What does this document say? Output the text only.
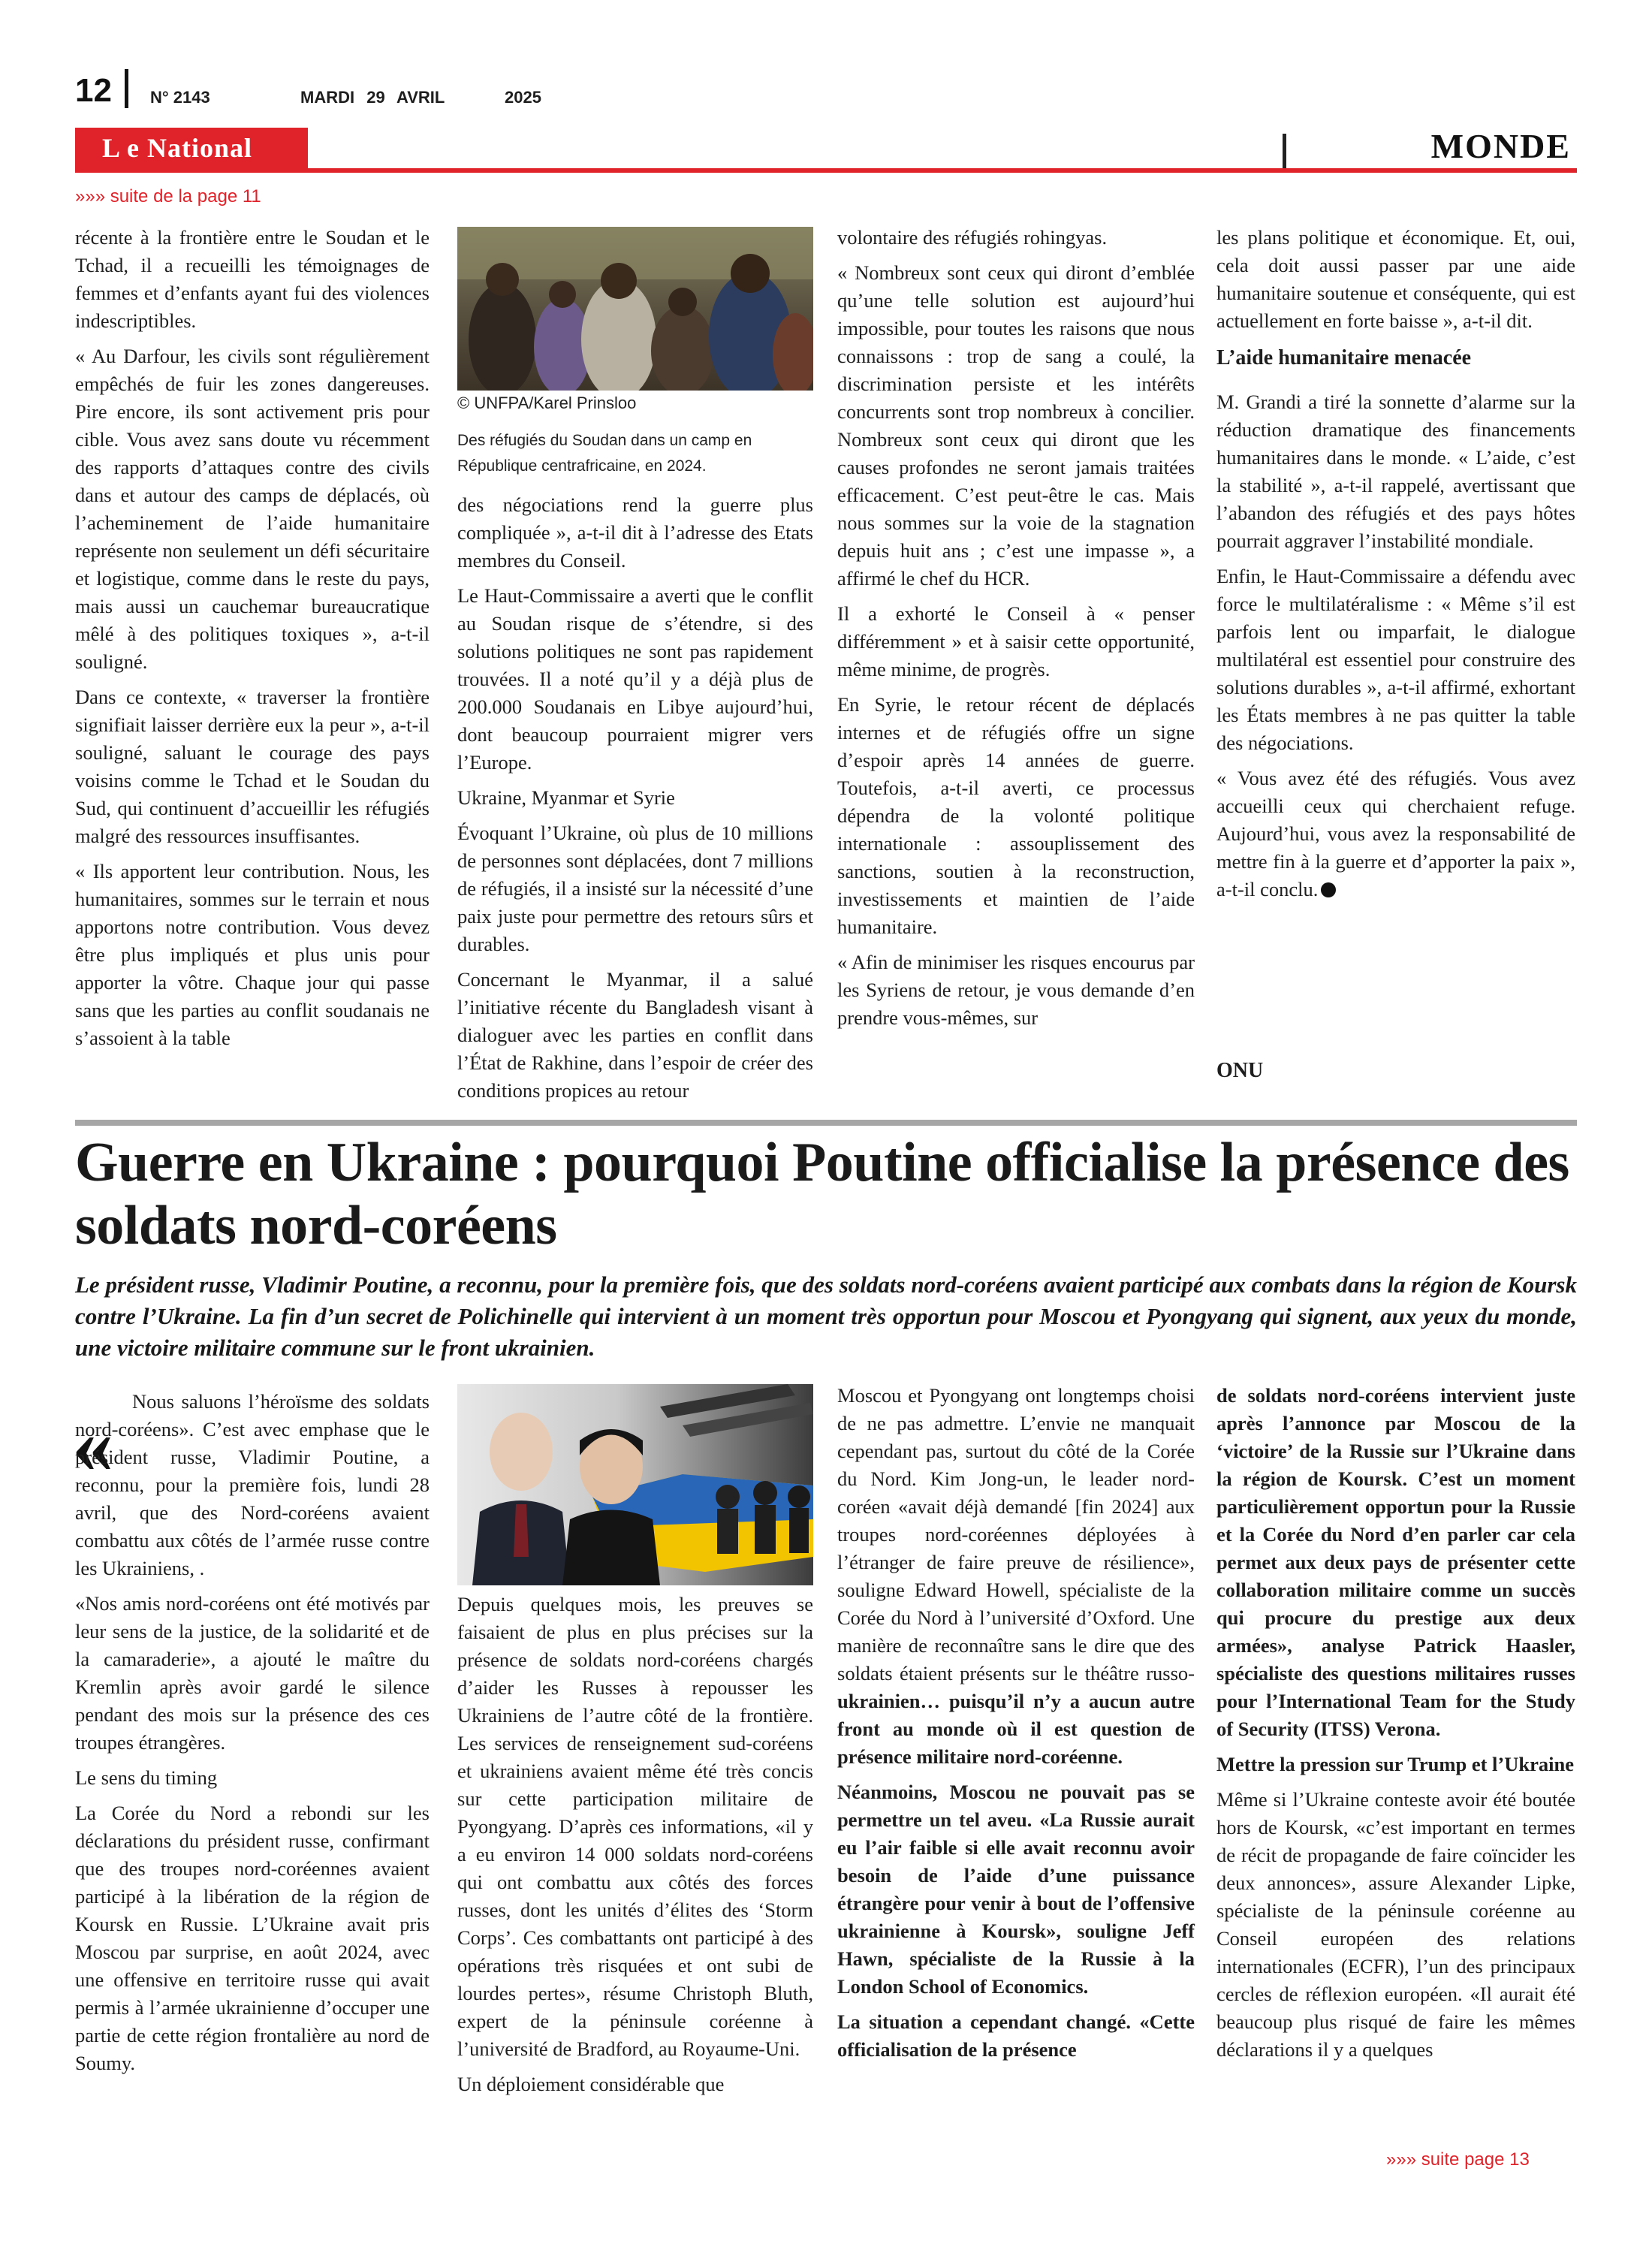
12 N° 2143	MARDI 29 AVRIL	2025
L e National	MONDE
»»» suite de la page 11

récente à la frontière entre le Soudan et le Tchad, il a recueilli les témoignages de femmes et d’enfants ayant fui des violences indescriptibles.

« Au Darfour, les civils sont régulièrement empêchés de fuir les zones dangereuses. Pire encore, ils sont activement pris pour cible. Vous avez sans doute vu récemment des rapports d’attaques contre des civils dans et autour des camps de déplacés, où l’acheminement de l’aide humanitaire représente non seulement un défi sécuritaire et logistique, comme dans le reste du pays, mais aussi un cauchemar bureaucratique mêlé à des politiques toxiques », a-t-il souligné.

Dans ce contexte, « traverser la frontière signifiait laisser derrière eux la peur », a-t-il souligné, saluant le courage des pays voisins comme le Tchad et le Soudan du Sud, qui continuent d’accueillir les réfugiés malgré des ressources insuffisantes.

« Ils apportent leur contribution. Nous, les humanitaires, sommes sur le terrain et nous apportons notre contribution. Vous devez être plus impliqués et plus unis pour apporter la vôtre. Chaque jour qui passe sans que les parties au conflit soudanais ne s’assoient à la table

© UNFPA/Karel Prinsloo
Des réfugiés du Soudan dans un camp en République centrafricaine, en 2024.

des négociations rend la guerre plus compliquée », a-t-il dit à l’adresse des Etats membres du Conseil.

Le Haut-Commissaire a averti que le conflit au Soudan risque de s’étendre, si des solutions politiques ne sont pas rapidement trouvées. Il a noté qu’il y a déjà plus de 200.000 Soudanais en Libye aujourd’hui, dont beaucoup pourraient migrer vers l’Europe.

Ukraine, Myanmar et Syrie

Évoquant l’Ukraine, où plus de 10 millions de personnes sont déplacées, dont 7 millions de réfugiés, il a insisté sur la nécessité d’une paix juste pour permettre des retours sûrs et durables.

Concernant le Myanmar, il a salué l’initiative récente du Bangladesh visant à dialoguer avec les parties en conflit dans l’État de Rakhine, dans l’espoir de créer des conditions propices au retour

volontaire des réfugiés rohingyas.

« Nombreux sont ceux qui diront d’emblée qu’une telle solution est aujourd’hui impossible, pour toutes les raisons que nous connaissons : trop de sang a coulé, la discrimination persiste et les intérêts concurrents sont trop nombreux à concilier. Nombreux sont ceux qui diront que les causes profondes ne seront jamais traitées efficacement. C’est peut-être le cas. Mais nous sommes sur la voie de la stagnation depuis huit ans ; c’est une impasse », a affirmé le chef du HCR.

Il a exhorté le Conseil à « penser différemment » et à saisir cette opportunité, même minime, de progrès.

En Syrie, le retour récent de déplacés internes et de réfugiés offre un signe d’espoir après 14 années de guerre. Toutefois, a-t-il averti, ce processus dépendra de la volonté politique internationale : assouplissement des sanctions, soutien à la reconstruction, investissements et maintien de l’aide humanitaire.

« Afin de minimiser les risques encourus par les Syriens de retour, je vous demande d’en prendre vous-mêmes, sur

les plans politique et économique. Et, oui, cela doit aussi passer par une aide humanitaire soutenue et conséquente, qui est actuellement en forte baisse », a-t-il dit.

L’aide humanitaire menacée

M. Grandi a tiré la sonnette d’alarme sur la réduction dramatique des financements humanitaires dans le monde. « L’aide, c’est la stabilité », a-t-il rappelé, avertissant que l’abandon des réfugiés et des pays hôtes pourrait aggraver l’instabilité mondiale.

Enfin, le Haut-Commissaire a défendu avec force le multilatéralisme : « Même s’il est parfois lent ou imparfait, le dialogue multilatéral est essentiel pour construire des solutions durables », a-t-il affirmé, exhortant les États membres à ne pas quitter la table des négociations.

« Vous avez été des réfugiés. Vous avez accueilli ceux qui cherchaient refuge. Aujourd’hui, vous avez la responsabilité de mettre fin à la guerre et d’apporter la paix », a-t-il conclu.

ONU
Guerre en Ukraine : pourquoi Poutine officialise la présence des soldats nord-coréens
Le président russe, Vladimir Poutine, a reconnu, pour la première fois, que des soldats nord-coréens avaient participé aux combats dans la région de Koursk contre l’Ukraine. La fin d’un secret de Polichinelle qui intervient à un moment très opportun pour Moscou et Pyongyang qui signent, aux yeux du monde, une victoire militaire commune sur le front ukrainien.
« Nous saluons l’héroïsme des soldats nord-coréens». C’est avec emphase que le président russe, Vladimir Poutine, a reconnu, pour la première fois, lundi 28 avril, que des Nord-coréens avaient combattu aux côtés de l’armée russe contre les Ukrainiens, .

«Nos amis nord-coréens ont été motivés par leur sens de la justice, de la solidarité et de la camaraderie», a ajouté le maître du Kremlin après avoir gardé le silence pendant des mois sur la présence des ces troupes étrangères.

Le sens du timing

La Corée du Nord a rebondi sur les déclarations du président russe, confirmant que des troupes nord-coréennes avaient participé à la libération de la région de Koursk en Russie. L’Ukraine avait pris Moscou par surprise, en août 2024, avec une offensive en territoire russe qui avait permis à l’armée ukrainienne d’occuper une partie de cette région frontalière au nord de Soumy.

Depuis quelques mois, les preuves se faisaient de plus en plus précises sur la présence de soldats nord-coréens chargés d’aider les Russes à repousser les Ukrainiens de l’autre côté de la frontière. Les services de renseignement sud-coréens et ukrainiens avaient même été très concis sur cette participation militaire de Pyongyang. D’après ces informations, «il y a eu environ 14 000 soldats nord-coréens qui ont combattu aux côtés des forces russes, dont les unités d’élites des ‘Storm Corps’. Ces combattants ont participé à des opérations très risquées et ont subi de lourdes pertes», résume Christoph Bluth, expert de la péninsule coréenne à l’université de Bradford, au Royaume-Uni.

Un déploiement considérable que

Moscou et Pyongyang ont longtemps choisi de ne pas admettre. L’envie ne manquait cependant pas, surtout du côté de la Corée du Nord. Kim Jong-un, le leader nord-coréen «avait déjà demandé [fin 2024] aux troupes nord-coréennes déployées à l’étranger de faire preuve de résilience», souligne Edward Howell, spécialiste de la Corée du Nord à l’université d’Oxford. Une manière de reconnaître sans le dire que des soldats étaient présents sur le théâtre russo-ukrainien… puisqu’il n’y a aucun autre front au monde où il est question de présence militaire nord-coréenne.

Néanmoins, Moscou ne pouvait pas se permettre un tel aveu. «La Russie aurait eu l’air faible si elle avait reconnu avoir besoin de l’aide d’une puissance étrangère pour venir à bout de l’offensive ukrainienne à Koursk», souligne Jeff Hawn, spécialiste de la Russie à la London School of Economics.

La situation a cependant changé. «Cette officialisation de la présence

de soldats nord-coréens intervient juste après l’annonce par Moscou de la ‘victoire’ de la Russie sur l’Ukraine dans la région de Koursk. C’est un moment particulièrement opportun pour la Russie et la Corée du Nord d’en parler car cela permet aux deux pays de présenter cette collaboration militaire comme un succès qui procure du prestige aux deux armées», analyse Patrick Haasler, spécialiste des questions militaires russes pour l’International Team for the Study of Security (ITSS) Verona.

Mettre la pression sur Trump et l’Ukraine

Même si l’Ukraine conteste avoir été boutée hors de Koursk, «c’est important en termes de récit de propagande de faire coïncider les deux annonces», assure Alexander Lipke, spécialiste de la péninsule coréenne au Conseil européen des relations internationales (ECFR), l’un des principaux cercles de réflexion européen. «Il aurait été beaucoup plus risqué de faire les mêmes déclarations il y a quelques

»»» suite page 13
